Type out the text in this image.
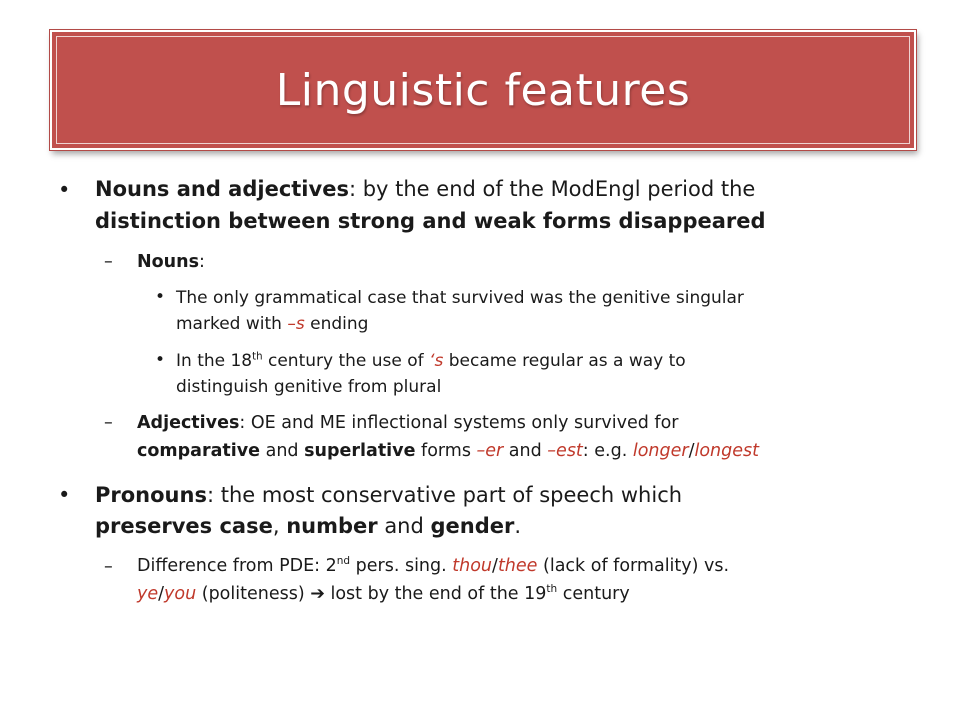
Linguistic features
• Nouns and adjectives: by the end of the ModEngl period the
distinction between strong and weak forms disappeared
– Nouns:
• The only grammatical case that survived was the genitive singular
marked with –s ending
• In the 18th century the use of ‘s became regular as a way to
distinguish genitive from plural
– Adjectives: OE and ME inflectional systems only survived for
comparative and superlative forms –er and –est: e.g. longer/longest
• Pronouns: the most conservative part of speech which
preserves case, number and gender.
– Difference from PDE: 2nd pers. sing. thou/thee (lack of formality) vs.
ye/you (politeness) ➔ lost by the end of the 19th century
